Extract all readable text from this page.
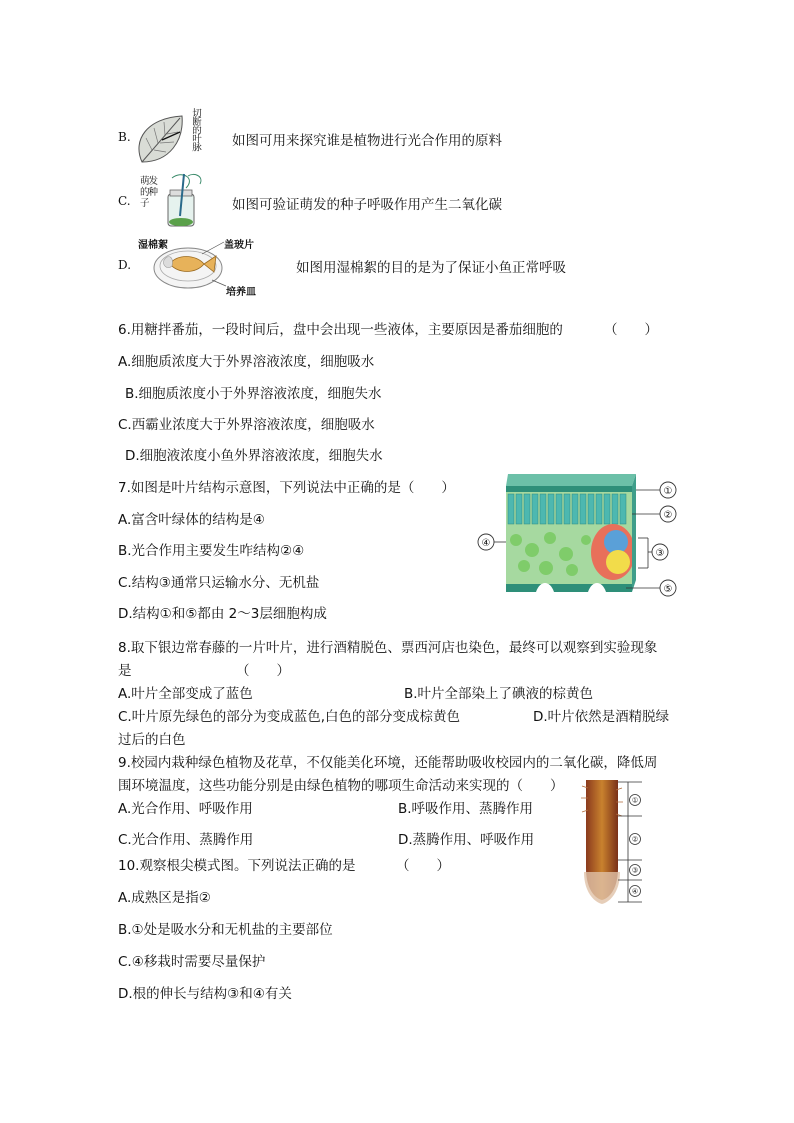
B.	切断的叶脉 如图可用来探究谁是植物进行光合作用的原料
C.
萌发的种子	如图可验证萌发的种子呼吸作用产生二氧化碳
湿棉絮	盖玻片
培养皿
D.	如图用湿棉絮的目的是为了保证小鱼正常呼吸
6.用糖拌番茄，一段时间后，盘中会出现一些液体，主要原因是番茄细胞的	（　　）
A.细胞质浓度大于外界溶液浓度，细胞吸水
B.细胞质浓度小于外界溶液浓度，细胞失水
C.西霸业浓度大于外界溶液浓度，细胞吸水
D.细胞液浓度小鱼外界溶液浓度，细胞失水
7.如图是叶片结构示意图，下列说法中正确的是（　　）
A.富含叶绿体的结构是④
B.光合作用主要发生咋结构②④
C.结构③通常只运输水分、无机盐
D.结构①和⑤都由 2～3层细胞构成
①
②
③
④
⑤
8.取下银边常春藤的一片叶片，进行酒精脱色、票西河店也染色，最终可以观察到实验现象
是	（　　）
A.叶片全部变成了蓝色	B.叶片全部染上了碘液的棕黄色
C.叶片原先绿色的部分为变成蓝色,白色的部分变成棕黄色	D.叶片依然是酒精脱绿
过后的白色
9.校园内栽种绿色植物及花草，不仅能美化环境，还能帮助吸收校园内的二氧化碳，降低周
围环境温度，这些功能分别是由绿色植物的哪项生命活动来实现的（　　）
A.光合作用、呼吸作用	B.呼吸作用、蒸腾作用
C.光合作用、蒸腾作用	D.蒸腾作用、呼吸作用
①
②
③
④
10.观察根尖模式图。下列说法正确的是	（　　）
A.成熟区是指②
B.①处是吸水分和无机盐的主要部位
C.④移栽时需要尽量保护
D.根的伸长与结构③和④有关
